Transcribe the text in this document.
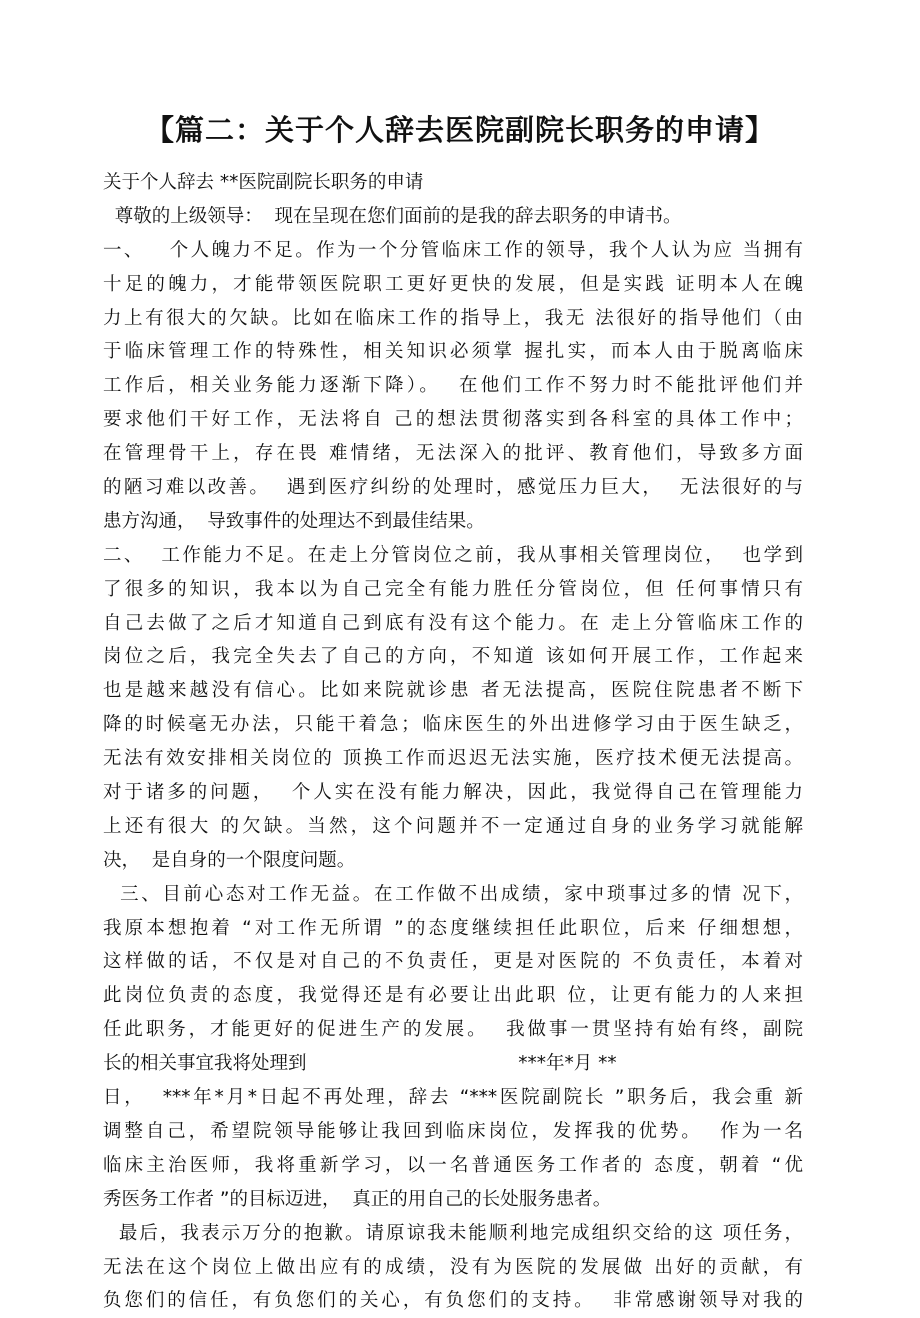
【篇二：关于个人辞去医院副院长职务的申请】
关于个人辞去 **医院副院长职务的申请
尊敬的上级领导：  现在呈现在您们面前的是我的辞去职务的申请书。
一、   个人魄力不足。作为一个分管临床工作的领导，我个人认为应 当拥有
十足的魄力，才能带领医院职工更好更快的发展，但是实践 证明本人在魄
力上有很大的欠缺。比如在临床工作的指导上，我无 法很好的指导他们（由
于临床管理工作的特殊性，相关知识必须掌 握扎实，而本人由于脱离临床
工作后，相关业务能力逐渐下降）。  在他们工作不努力时不能批评他们并
要求他们干好工作，无法将自 己的想法贯彻落实到各科室的具体工作中；
在管理骨干上，存在畏 难情绪，无法深入的批评、教育他们，导致多方面
的陋习难以改善。  遇到医疗纠纷的处理时，感觉压力巨大，  无法很好的与
患方沟通，  导致事件的处理达不到最佳结果。
二、  工作能力不足。在走上分管岗位之前，我从事相关管理岗位，  也学到
了很多的知识，我本以为自己完全有能力胜任分管岗位，但 任何事情只有
自己去做了之后才知道自己到底有没有这个能力。在 走上分管临床工作的
岗位之后，我完全失去了自己的方向，不知道 该如何开展工作，工作起来
也是越来越没有信心。比如来院就诊患 者无法提高，医院住院患者不断下
降的时候毫无办法，只能干着急；临床医生的外出进修学习由于医生缺乏，
无法有效安排相关岗位的 顶换工作而迟迟无法实施，医疗技术便无法提高。
对于诸多的问题，  个人实在没有能力解决，因此，我觉得自己在管理能力
上还有很大 的欠缺。当然，这个问题并不一定通过自身的业务学习就能解
决，  是自身的一个限度问题。
三、目前心态对工作无益。在工作做不出成绩，家中琐事过多的情 况下，
我原本想抱着 “对工作无所谓 ”的态度继续担任此职位，后来 仔细想想，
这样做的话，不仅是对自己的不负责任，更是对医院的 不负责任，本着对
此岗位负责的态度，我觉得还是有必要让出此职 位，让更有能力的人来担
任此职务，才能更好的促进生产的发展。  我做事一贯坚持有始有终，副院
长的相关事宜我将处理到                                    ***年*月 **
日，  ***年*月*日起不再处理，辞去 “***医院副院长 ”职务后，我会重 新
调整自己，希望院领导能够让我回到临床岗位，发挥我的优势。  作为一名
临床主治医师，我将重新学习，以一名普通医务工作者的 态度，朝着 “优
秀医务工作者 ”的目标迈进，  真正的用自己的长处服务患者。
最后，我表示万分的抱歉。请原谅我未能顺利地完成组织交给的这 项任务，
无法在这个岗位上做出应有的成绩，没有为医院的发展做 出好的贡献，有
负您们的信任，有负您们的关心，有负您们的支持。  非常感谢领导对我的
